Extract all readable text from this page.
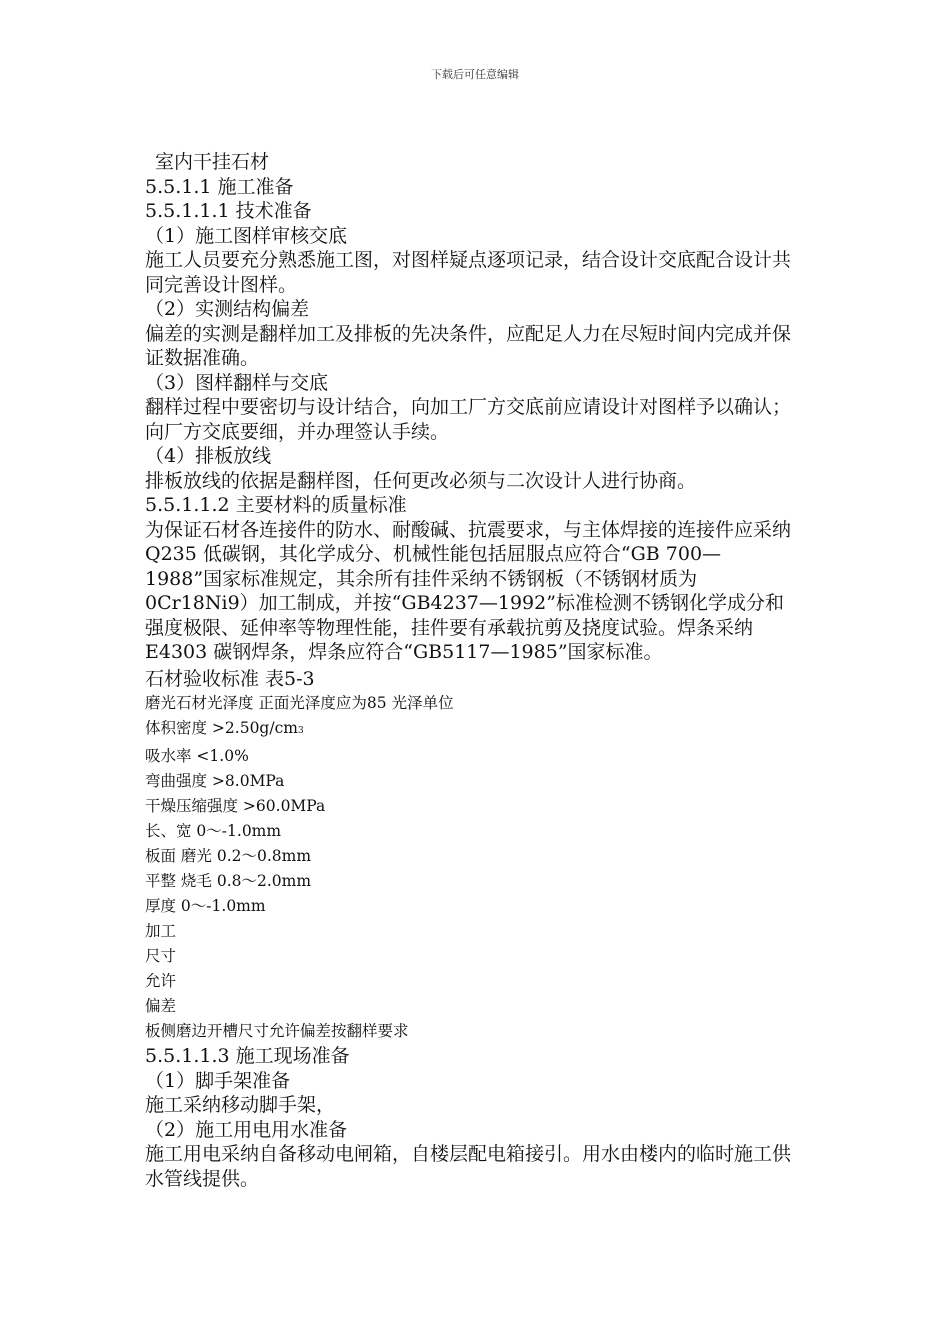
下载后可任意编辑
室内干挂石材
5.5.1.1 施工准备
5.5.1.1.1 技术准备
（1）施工图样审核交底
施工人员要充分熟悉施工图，对图样疑点逐项记录，结合设计交底配合设计共同完善设计图样。
（2）实测结构偏差
偏差的实测是翻样加工及排板的先决条件，应配足人力在尽短时间内完成并保证数据准确。
（3）图样翻样与交底
翻样过程中要密切与设计结合，向加工厂方交底前应请设计对图样予以确认；向厂方交底要细，并办理签认手续。
（4）排板放线
排板放线的依据是翻样图，任何更改必须与二次设计人进行协商。
5.5.1.1.2 主要材料的质量标准
为保证石材各连接件的防水、耐酸碱、抗震要求，与主体焊接的连接件应采纳Q235 低碳钢，其化学成分、机械性能包括屈服点应符合“GB 700—1988”国家标准规定，其余所有挂件采纳不锈钢板（不锈钢材质为0Cr18Ni9）加工制成，并按“GB4237—1992”标准检测不锈钢化学成分和强度极限、延伸率等物理性能，挂件要有承载抗剪及挠度试验。焊条采纳E4303 碳钢焊条，焊条应符合“GB5117—1985”国家标准。
石材验收标准 表5-3
磨光石材光泽度 正面光泽度应为85 光泽单位
体积密度 >2.50g/cm3
吸水率 <1.0%
弯曲强度 >8.0MPa
干燥压缩强度 >60.0MPa
长、宽 0～-1.0mm
板面 磨光 0.2～0.8mm
平整 烧毛 0.8～2.0mm
厚度 0～-1.0mm
加工
尺寸
允许
偏差
板侧磨边开槽尺寸允许偏差按翻样要求
5.5.1.1.3 施工现场准备
（1）脚手架准备
施工采纳移动脚手架，
（2）施工用电用水准备
施工用电采纳自备移动电闸箱，自楼层配电箱接引。用水由楼内的临时施工供水管线提供。
